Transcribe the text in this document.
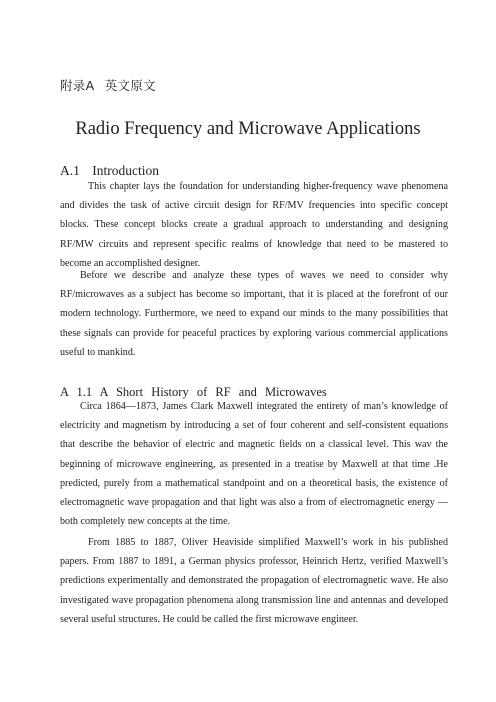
附录A 英文原文
Radio Frequency and Microwave Applications
A.1 Introduction

This chapter lays the foundation for understanding higher-frequency wave phenomena and divides the task of active circuit design for RF/MV frequencies into specific concept blocks. These concept blocks create a gradual approach to understanding and designing RF/MW circuits and represent specific realms of knowledge that need to be mastered to become an accomplished designer.

Before we describe and analyze these types of waves we need to consider why RF/microwaves as a subject has become so important, that it is placed at the forefront of our modern technology. Furthermore, we need to expand our minds to the many possibilities that these signals can provide for peaceful practices by exploring various commercial applications useful to mankind.

A 1.1 A Short History of RF and Microwaves

Circa 1864—1873, James Clark Maxwell integrated the entirety of man’s knowledge of electricity and magnetism by introducing a set of four coherent and self-consistent equations that describe the behavior of electric and magnetic fields on a classical level. This wav the beginning of microwave engineering, as presented in a treatise by Maxwell at that time .He predicted, purely from a mathematical standpoint and on a theoretical basis, the existence of electromagnetic wave propagation and that light was also a from of electromagnetic energy — both completely new concepts at the time.

From 1885 to 1887, Oliver Heaviside simplified Maxwell’s work in his published papers. From 1887 to 1891, a German physics professor, Heinrich Hertz, verified Maxwell’s predictions experimentally and demonstrated the propagation of electromagnetic wave. He also investigated wave propagation phenomena along transmission line and antennas and developed several useful structures. He could be called the first microwave engineer.
